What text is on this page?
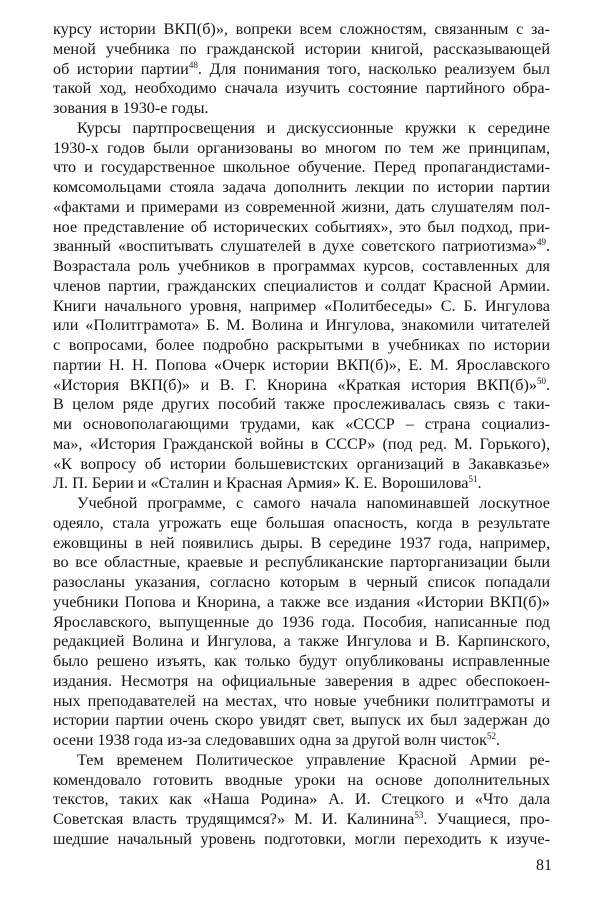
курсу истории ВКП(б)», вопреки всем сложностям, связанным с за-
меной учебника по гражданской истории книгой, рассказывающей
об истории партии$^{48}$. Для понимания того, насколько реализуем был
такой ход, необходимо сначала изучить состояние партийного обра-
зования в 1930-е годы.
Курсы партпросвещения и дискуссионные кружки к середине
1930-х годов были организованы во многом по тем же принципам,
что и государственное школьное обучение. Перед пропагандистами-
комсомольцами стояла задача дополнить лекции по истории партии
«фактами и примерами из современной жизни, дать слушателям пол-
ное представление об исторических событиях», это был подход, при-
званный «воспитывать слушателей в духе советского патриотизма»$^{49}$.
Возрастала роль учебников в программах курсов, составленных для
членов партии, гражданских специалистов и солдат Красной Армии.
Книги начального уровня, например «Политбеседы» С. Б. Ингулова
или «Политграмота» Б. М. Волина и Ингулова, знакомили читателей
с вопросами, более подробно раскрытыми в учебниках по истории
партии Н. Н. Попова «Очерк истории ВКП(б)», Е. М. Ярославского
«История ВКП(б)» и В. Г. Кнорина «Краткая история ВКП(б)»$^{50}$.
В целом ряде других пособий также прослеживалась связь с таки-
ми основополагающими трудами, как «СССР – страна социализ-
ма», «История Гражданской войны в СССР» (под ред. М. Горького),
«К вопросу об истории большевистских организаций в Закавказье»
Л. П. Берии и «Сталин и Красная Армия» К. Е. Ворошилова$^{51}$.
Учебной программе, с самого начала напоминавшей лоскутное
одеяло, стала угрожать еще большая опасность, когда в результате
ежовщины в ней появились дыры. В середине 1937 года, например,
во все областные, краевые и республиканские парторганизации были
разосланы указания, согласно которым в черный список попадали
учебники Попова и Кнорина, а также все издания «Истории ВКП(б)»
Ярославского, выпущенные до 1936 года. Пособия, написанные под
редакцией Волина и Ингулова, а также Ингулова и В. Карпинского,
было решено изъять, как только будут опубликованы исправленные
издания. Несмотря на официальные заверения в адрес обеспокоен-
ных преподавателей на местах, что новые учебники политграмоты и
истории партии очень скоро увидят свет, выпуск их был задержан до
осени 1938 года из-за следовавших одна за другой волн чисток$^{52}$.
Тем временем Политическое управление Красной Армии ре-
комендовало готовить вводные уроки на основе дополнительных
текстов, таких как «Наша Родина» А. И. Стецкого и «Что дала
Советская власть трудящимся?» М. И. Калинина$^{53}$. Учащиеся, про-
шедшие начальный уровень подготовки, могли переходить к изуче-
81
